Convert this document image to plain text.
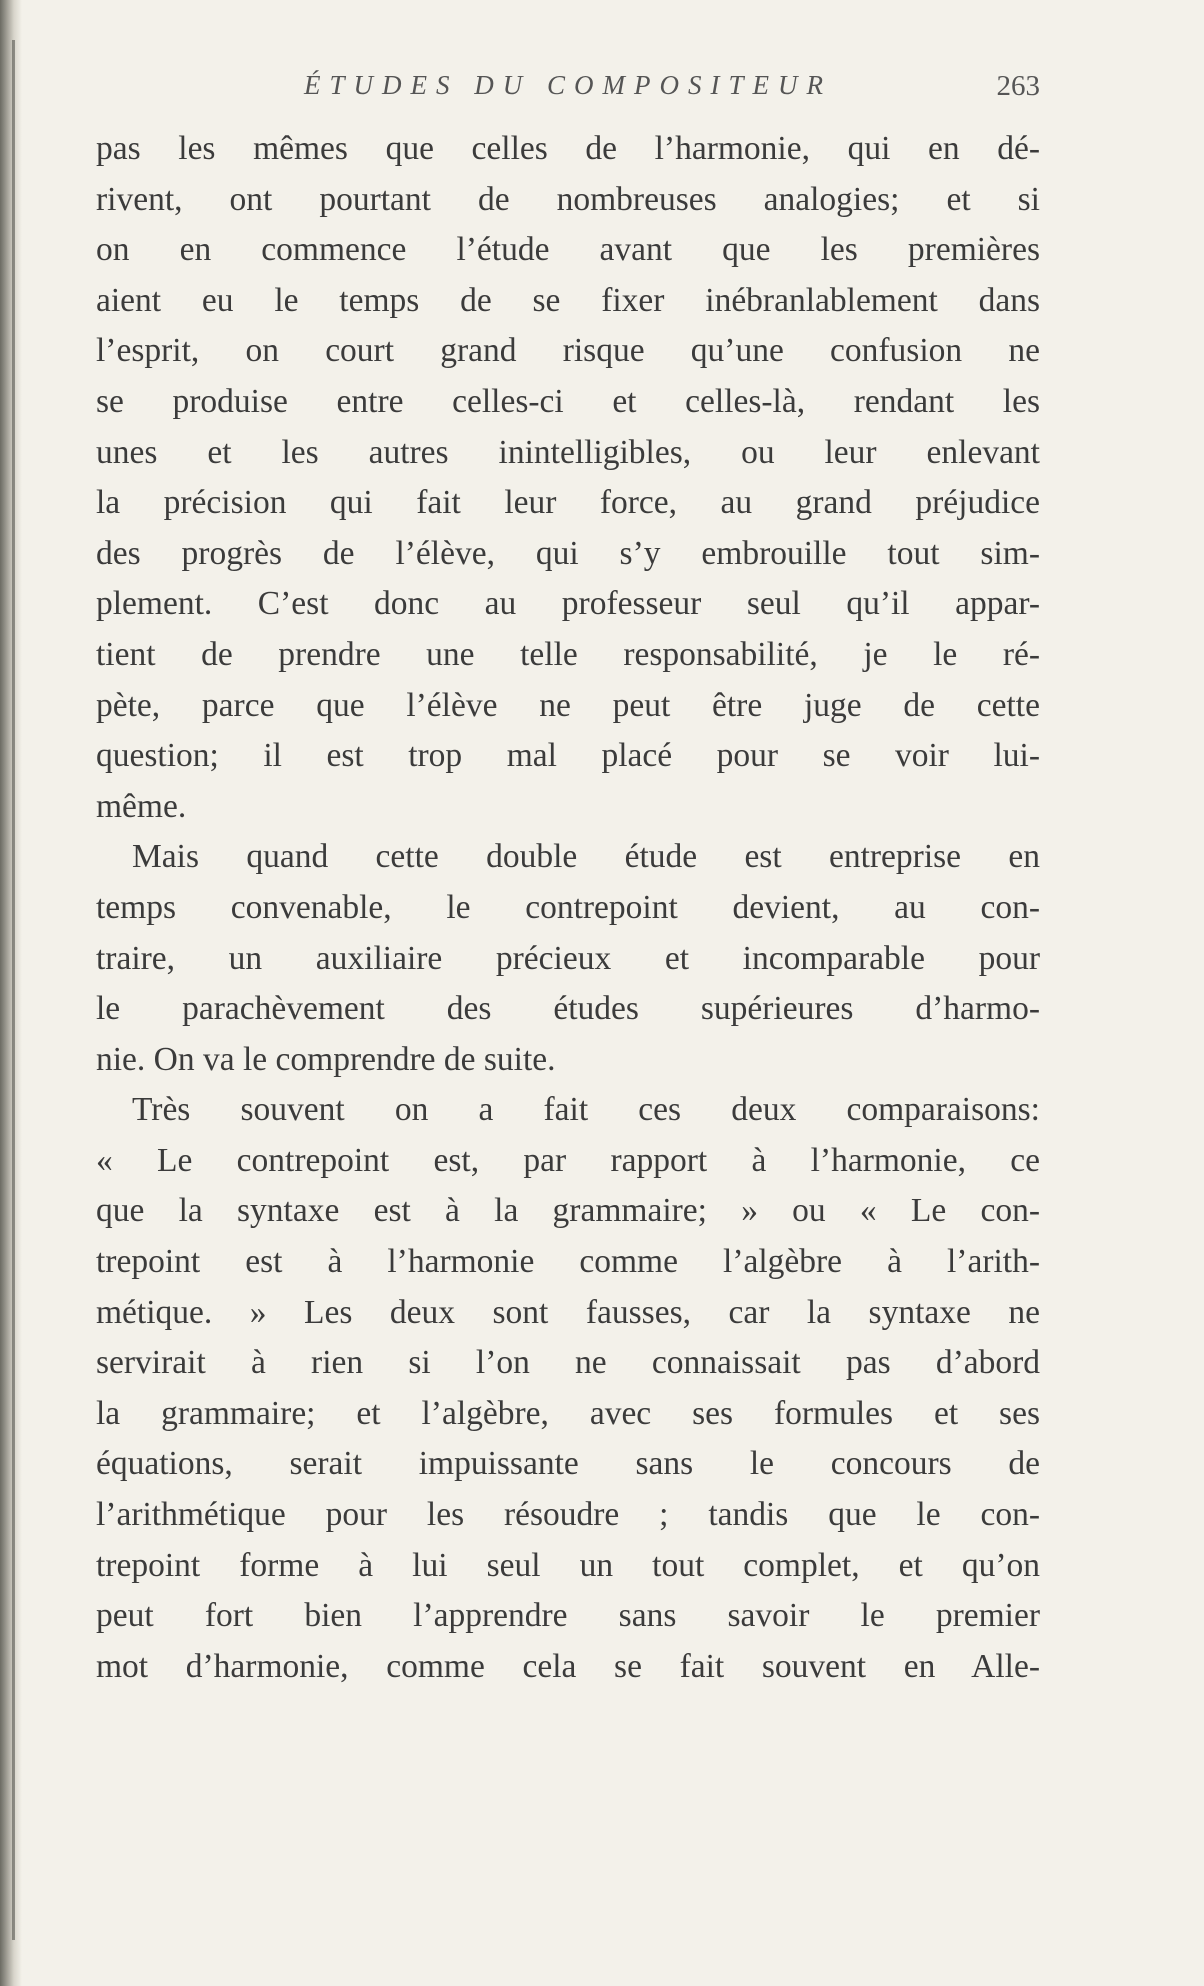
ÉTUDES DU COMPOSITEUR	263
pas les mêmes que celles de l’harmonie, qui en dé-
rivent, ont pourtant de nombreuses analogies; et si
on en commence l’étude avant que les premières
aient eu le temps de se fixer inébranlablement dans
l’esprit, on court grand risque qu’une confusion ne
se produise entre celles-ci et celles-là, rendant les
unes et les autres inintelligibles, ou leur enlevant
la précision qui fait leur force, au grand préjudice
des progrès de l’élève, qui s’y embrouille tout sim-
plement. C’est donc au professeur seul qu’il appar-
tient de prendre une telle responsabilité, je le ré-
pète, parce que l’élève ne peut être juge de cette
question; il est trop mal placé pour se voir lui-
même.
Mais quand cette double étude est entreprise en
temps convenable, le contrepoint devient, au con-
traire, un auxiliaire précieux et incomparable pour
le parachèvement des études supérieures d’harmo-
nie. On va le comprendre de suite.
Très souvent on a fait ces deux comparaisons:
« Le contrepoint est, par rapport à l’harmonie, ce
que la syntaxe est à la grammaire; » ou « Le con-
trepoint est à l’harmonie comme l’algèbre à l’arith-
métique. » Les deux sont fausses, car la syntaxe ne
servirait à rien si l’on ne connaissait pas d’abord
la grammaire; et l’algèbre, avec ses formules et ses
équations, serait impuissante sans le concours de
l’arithmétique pour les résoudre ; tandis que le con-
trepoint forme à lui seul un tout complet, et qu’on
peut fort bien l’apprendre sans savoir le premier
mot d’harmonie, comme cela se fait souvent en Alle-
